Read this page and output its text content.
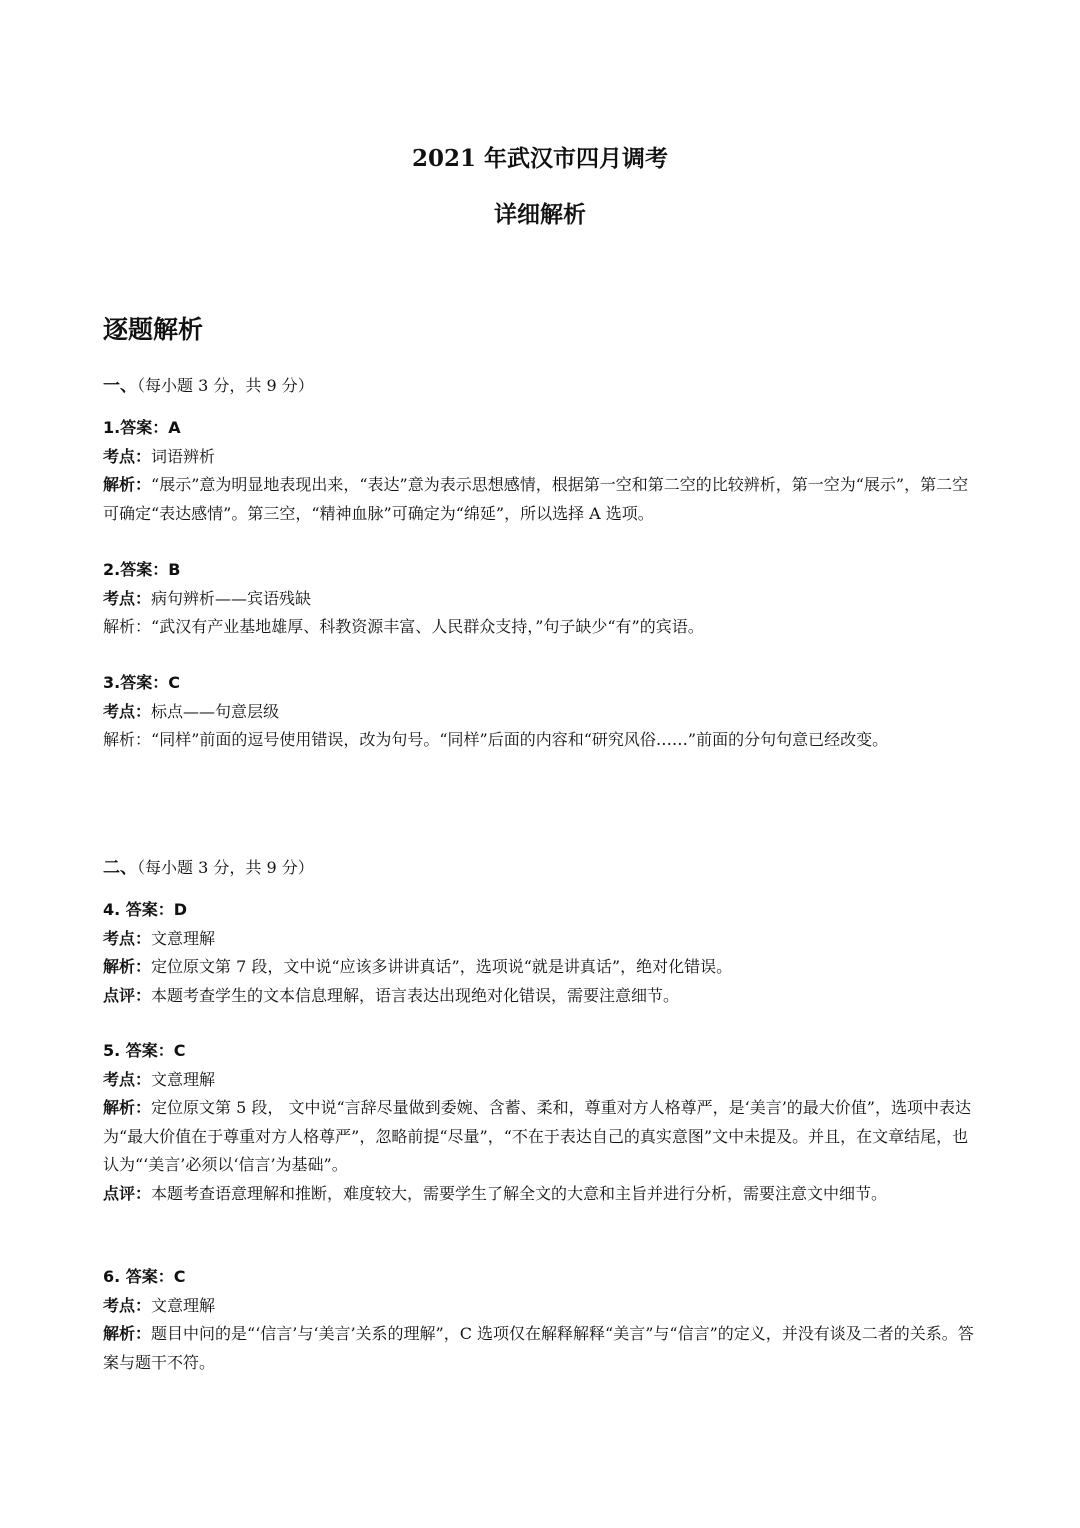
2021 年武汉市四月调考
详细解析
逐题解析
一、（每小题 3 分，共 9 分）
1.答案：A
考点：词语辨析
解析：“展示”意为明显地表现出来，“表达”意为表示思想感情，根据第一空和第二空的比较辨析，第一空为“展示”，第二空可确定“表达感情”。第三空，“精神血脉”可确定为“绵延”，所以选择 A 选项。
2.答案：B
考点：病句辨析——宾语残缺
解析：“武汉有产业基地雄厚、科教资源丰富、人民群众支持，”句子缺少“有”的宾语。
3.答案：C
考点：标点——句意层级
解析：“同样”前面的逗号使用错误，改为句号。“同样”后面的内容和“研究风俗……”前面的分句句意已经改变。
二、（每小题 3 分，共 9 分）
4. 答案：D
考点：文意理解
解析：定位原文第 7 段，文中说“应该多讲讲真话”，选项说“就是讲真话”，绝对化错误。
点评：本题考查学生的文本信息理解，语言表达出现绝对化错误，需要注意细节。
5. 答案：C
考点：文意理解
解析：定位原文第 5 段， 文中说“言辞尽量做到委婉、含蓄、柔和，尊重对方人格尊严，是‘美言’的最大价值”，选项中表达为“最大价值在于尊重对方人格尊严”，忽略前提“尽量”，“不在于表达自己的真实意图”文中未提及。并且，在文章结尾，也认为“‘美言’必须以‘信言’为基础”。
点评：本题考查语意理解和推断，难度较大，需要学生了解全文的大意和主旨并进行分析，需要注意文中细节。
6. 答案：C
考点：文意理解
解析：题目中问的是“‘信言’与‘美言’关系的理解”，C 选项仅在解释解释“美言”与“信言”的定义，并没有谈及二者的关系。答案与题干不符。
